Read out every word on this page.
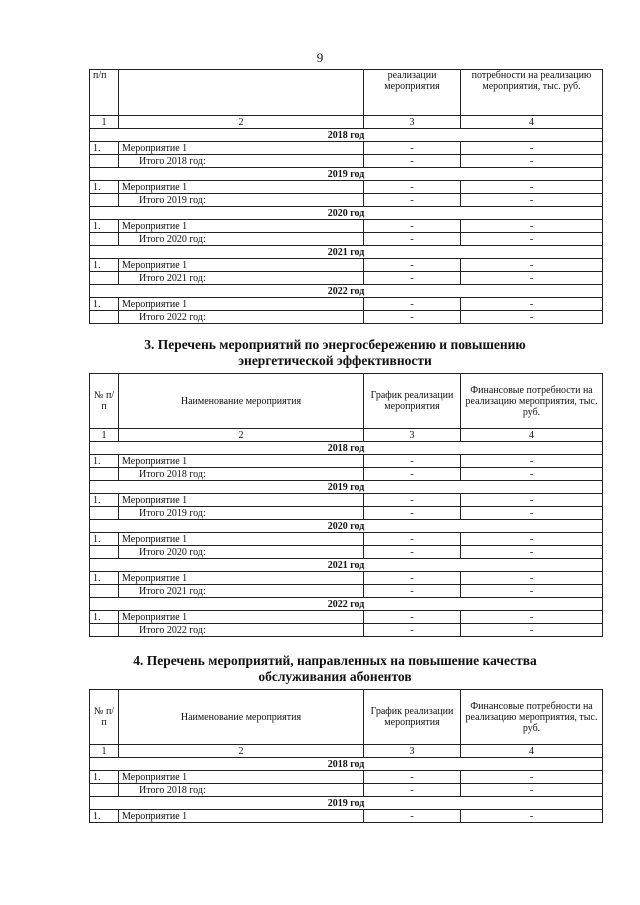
9
п/п		реализации мероприятия	потребности на реализацию мероприятия, тыс. руб.
1	2	3	4
2018 год			
1.	Мероприятие 1	-	-
	Итого 2018 год:	-	-
2019 год			
1.	Мероприятие 1	-	-
	Итого 2019 год:	-	-
2020 год			
1.	Мероприятие 1	-	-
	Итого 2020 год:	-	-
2021 год			
1.	Мероприятие 1	-	-
	Итого 2021 год:	-	-
2022 год			
1.	Мероприятие 1	-	-
	Итого 2022 год:	-	-
3. Перечень мероприятий по энергосбережению и повышению энергетической эффективности
№ п/п	Наименование мероприятия	График реализации мероприятия	Финансовые потребности на реализацию мероприятия, тыс. руб.
1	2	3	4
2018 год			
1.	Мероприятие 1	-	-
	Итого 2018 год:	-	-
2019 год			
1.	Мероприятие 1	-	-
	Итого 2019 год:	-	-
2020 год			
1.	Мероприятие 1	-	-
	Итого 2020 год:	-	-
2021 год			
1.	Мероприятие 1	-	-
	Итого 2021 год:	-	-
2022 год			
1.	Мероприятие 1	-	-
	Итого 2022 год:	-	-
4. Перечень мероприятий, направленных на повышение качества обслуживания абонентов
№ п/п	Наименование мероприятия	График реализации мероприятия	Финансовые потребности на реализацию мероприятия, тыс. руб.
1	2	3	4
2018 год			
1.	Мероприятие 1	-	-
	Итого 2018 год:	-	-
2019 год			
1.	Мероприятие 1	-	-
